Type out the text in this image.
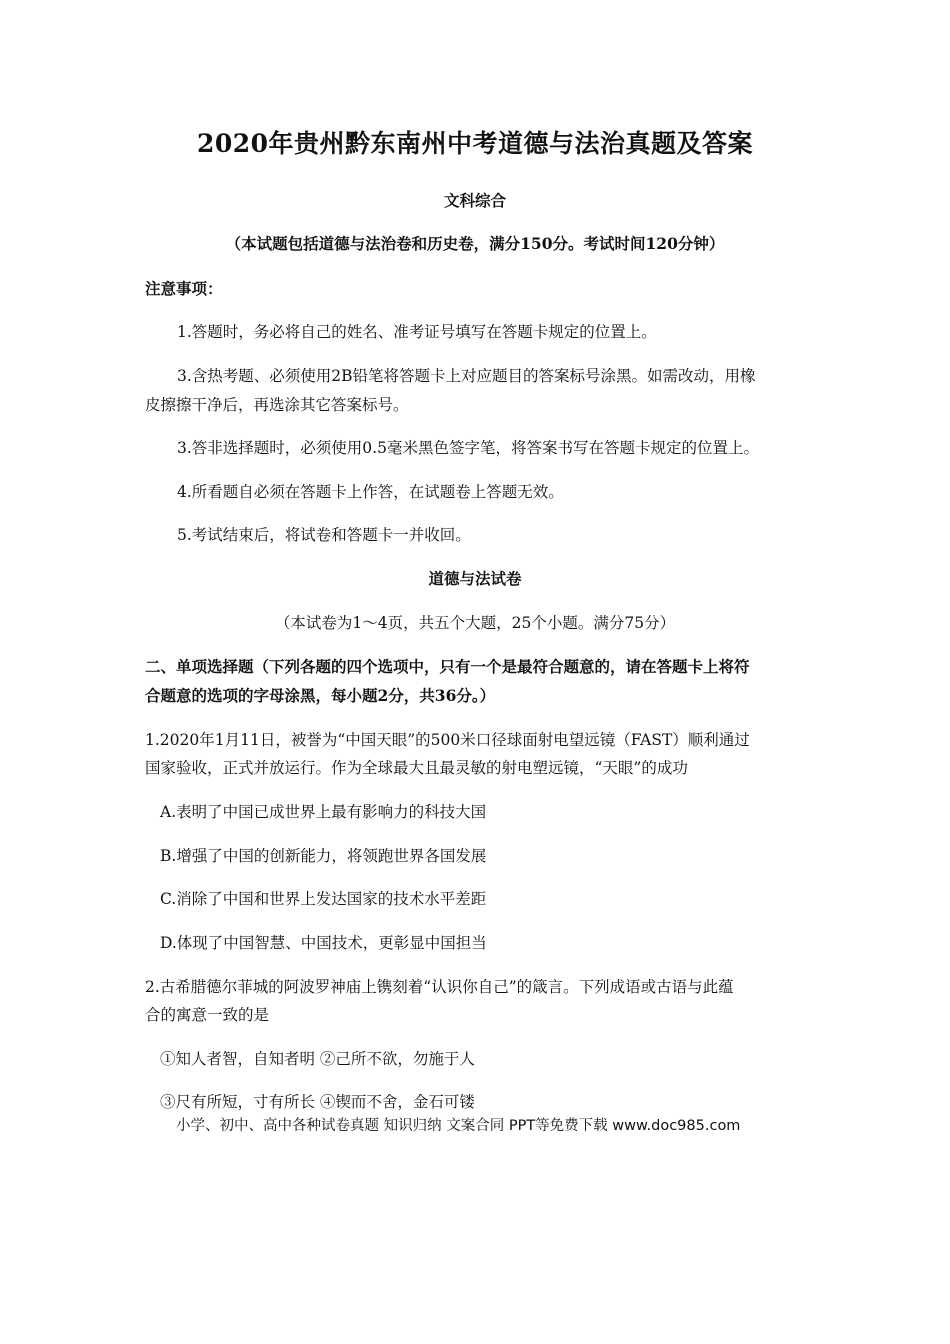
2020年贵州黔东南州中考道德与法治真题及答案
文科综合
（本试题包括道德与法治卷和历史卷，满分150分。考试时间120分钟）
注意事项：
1.答题时，务必将自己的姓名、准考证号填写在答题卡规定的位置上。
3.含热考题、必须使用2B铅笔将答题卡上对应题目的答案标号涂黑。如需改动，用橡
皮擦擦干净后，再选涂其它答案标号。
3.答非选择题时，必须使用0.5毫米黑色签字笔，将答案书写在答题卡规定的位置上。
4.所看题自必须在答题卡上作答，在试题卷上答题无效。
5.考试结束后，将试卷和答题卡一并收回。
道德与法试卷
（本试卷为1～4页，共五个大题，25个小题。满分75分）
二、单项选择题（下列各题的四个选项中，只有一个是最符合题意的，请在答题卡上将符
合题意的选项的字母涂黑，每小题2分，共36分。）
1.2020年1月11日，被誉为“中国天眼”的500米口径球面射电望远镜（FAST）顺利通过
国家验收，正式并放运行。作为全球最大且最灵敏的射电塑远镜，“天眼”的成功
A.表明了中国已成世界上最有影响力的科技大国
B.增强了中国的创新能力，将领跑世界各国发展
C.消除了中国和世界上发达国家的技术水平差距
D.体现了中国智慧、中国技术，更彰显中国担当
2.古希腊德尔菲城的阿波罗神庙上镌刻着“认识你自己”的箴言。下列成语或古语与此蕴
合的寓意一致的是
①知人者智，自知者明 ②己所不欲，勿施于人
③尺有所短，寸有所长 ④锲而不舍，金石可镂
小学、初中、高中各种试卷真题 知识归纳 文案合同 PPT等免费下载 www.doc985.com
